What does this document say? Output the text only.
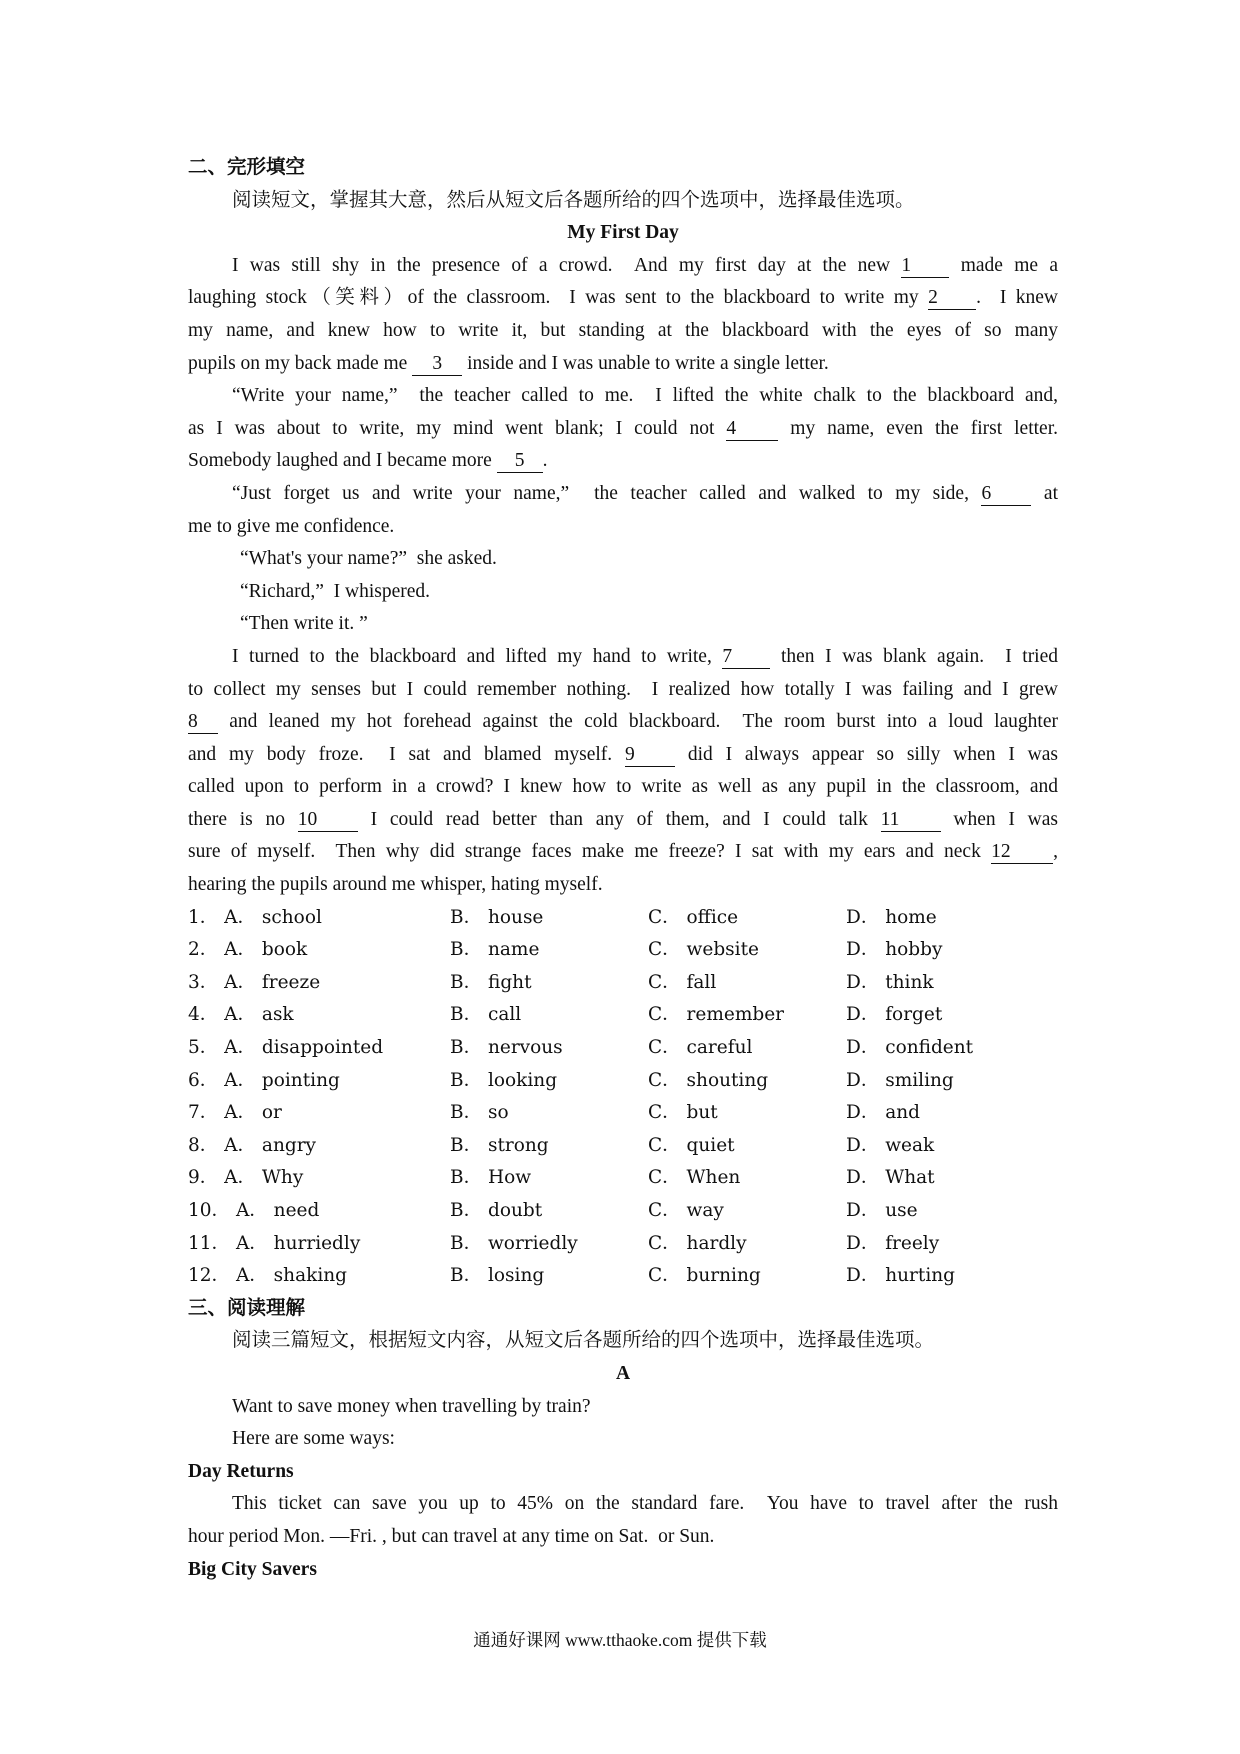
二、完形填空
阅读短文，掌握其大意，然后从短文后各题所给的四个选项中，选择最佳选项。
My First Day
I was still shy in the presence of a crowd.  And my first day at the new 1 made me a
laughing stock（笑料）of the classroom.  I was sent to the blackboard to write my 2 .  I knew
my name, and knew how to write it, but standing at the blackboard with the eyes of so many
pupils on my back made me 3 inside and I was unable to write a single letter.
“Write your name,”  the teacher called to me.  I lifted the white chalk to the blackboard and,
as I was about to write, my mind went blank; I could not 4 my name, even the first letter.
Somebody laughed and I became more 5 .
“Just forget us and write your name,”  the teacher called and walked to my side, 6 at
me to give me confidence.
“What's your name?”  she asked.
“Richard,”  I whispered.
“Then write it. ”
I turned to the blackboard and lifted my hand to write, 7 then I was blank again.  I tried
to collect my senses but I could remember nothing.  I realized how totally I was failing and I grew
8 and leaned my hot forehead against the cold blackboard.  The room burst into a loud laughter
and my body froze.  I sat and blamed myself. 9 did I always appear so silly when I was
called upon to perform in a crowd? I knew how to write as well as any pupil in the classroom, and
there is no 10 I could read better than any of them, and I could talk 11 when I was
sure of myself.  Then why did strange faces make me freeze? I sat with my ears and neck 12 ,
hearing the pupils around me whisper, hating myself.
1． A． school	B． house	C． office	D． home
2． A． book	B． name	C． website	D． hobby
3． A． freeze	B． fight	C． fall	D． think
4． A． ask	B． call	C． remember	D． forget
5． A． disappointed	B． nervous	C． careful	D． confident
6． A． pointing	B． looking	C． shouting	D． smiling
7． A． or	B． so	C． but	D． and
8． A． angry	B． strong	C． quiet	D． weak
9． A． Why	B． How	C． When	D． What
10． A． need	B． doubt	C． way	D． use
11． A． hurriedly	B． worriedly	C． hardly	D． freely
12． A． shaking	B． losing	C． burning	D． hurting
三、阅读理解
阅读三篇短文，根据短文内容，从短文后各题所给的四个选项中，选择最佳选项。
A
Want to save money when travelling by train?
Here are some ways:
Day Returns
This ticket can save you up to 45% on the standard fare.  You have to travel after the rush
hour period Mon. —Fri. , but can travel at any time on Sat.  or Sun.
Big City Savers
通通好课网 www.tthaoke.com 提供下载
